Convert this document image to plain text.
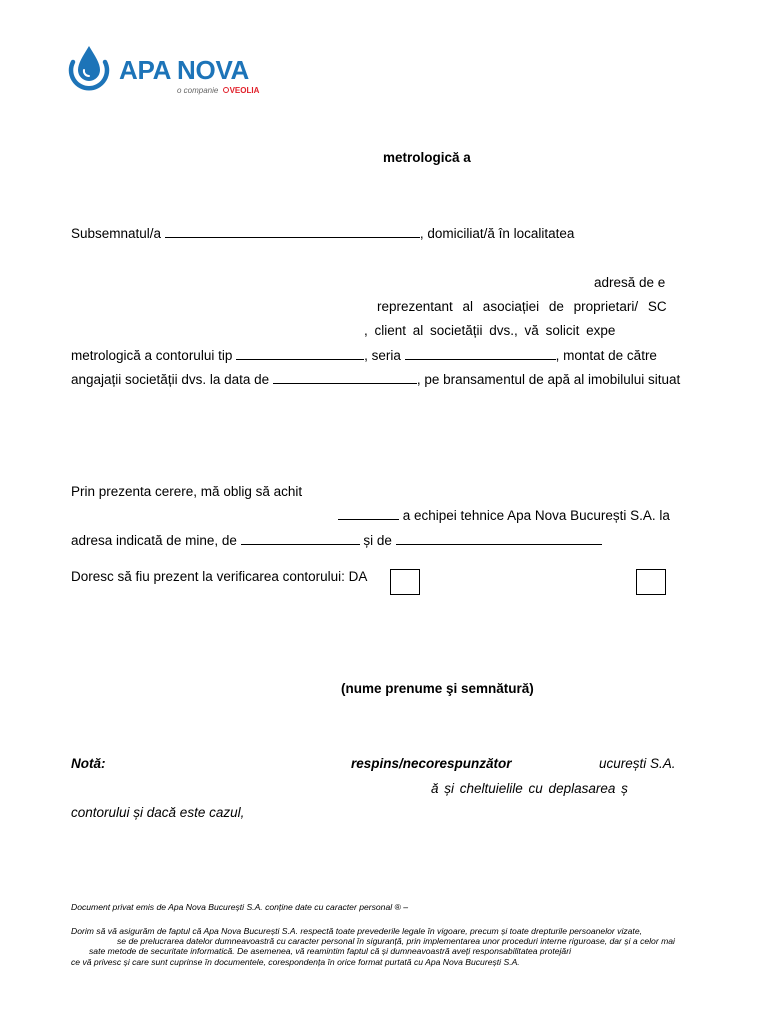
APA NOVA
o companie VEOLIA
metrologică a
Subsemnatul/a	, domiciliat/ă în localitatea
adresă de e
reprezentant al asociației de proprietari/ SC
, client al societății dvs., vă solicit expe
metrologică a contorului tip	, seria	, montat de către
angajații societății dvs. la data de	, pe bransamentul de apă al imobilului situat
Prin prezenta cerere, mă oblig să achit
a echipei tehnice Apa Nova București S.A. la
adresa indicată de mine, de	și de
Doresc să fiu prezent la verificarea contorului: DA
(nume prenume şi semnătură)
Notă:	respins/necorespunzător	ucurești S.A.
ă și cheltuielile cu deplasarea ș
contorului și dacă este cazul,
Document privat emis de Apa Nova București S.A. conține date cu caracter personal ® –
Dorim să vă asigurăm de faptul că Apa Nova București S.A. respectă toate prevederile legale în vigoare, precum și toate drepturile persoanelor vizate,
se de prelucrarea datelor dumneavoastră cu caracter personal în siguranță, prin implementarea unor proceduri interne riguroase, dar și a celor mai
sate metode de securitate informatică. De asemenea, vă reamintim faptul că și dumneavoastră aveți responsabilitatea protejări
ce vă privesc și care sunt cuprinse în documentele, corespondența în orice format purtată cu Apa Nova București S.A.
